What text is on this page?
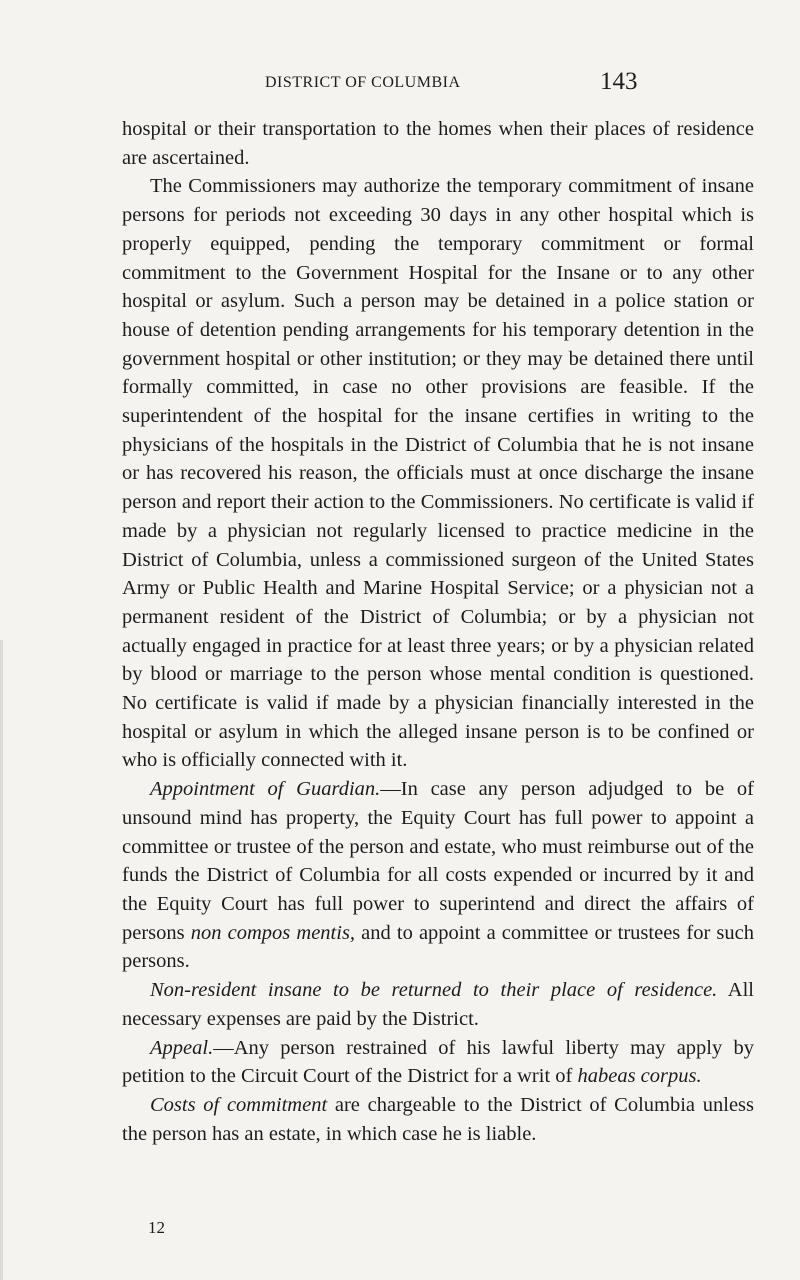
DISTRICT OF COLUMBIA	143

hospital or their transportation to the homes when their places of residence are ascertained.

The Commissioners may authorize the temporary commitment of insane persons for periods not exceeding 30 days in any other hospital which is properly equipped, pending the temporary commitment or formal commitment to the Government Hospital for the Insane or to any other hospital or asylum. Such a person may be detained in a police station or house of detention pending arrangements for his temporary detention in the government hospital or other institution; or they may be detained there until formally committed, in case no other provisions are feasible. If the superintendent of the hospital for the insane certifies in writing to the physicians of the hospitals in the District of Columbia that he is not insane or has recovered his reason, the officials must at once discharge the insane person and report their action to the Commissioners. No certificate is valid if made by a physician not regularly licensed to practice medicine in the District of Columbia, unless a commissioned surgeon of the United States Army or Public Health and Marine Hospital Service; or a physician not a permanent resident of the District of Columbia; or by a physician not actually engaged in practice for at least three years; or by a physician related by blood or marriage to the person whose mental condition is questioned. No certificate is valid if made by a physician financially interested in the hospital or asylum in which the alleged insane person is to be confined or who is officially connected with it.

Appointment of Guardian.—In case any person adjudged to be of unsound mind has property, the Equity Court has full power to appoint a committee or trustee of the person and estate, who must reimburse out of the funds the District of Columbia for all costs expended or incurred by it and the Equity Court has full power to superintend and direct the affairs of persons non compos mentis, and to appoint a committee or trustees for such persons.

Non-resident insane to be returned to their place of residence. All necessary expenses are paid by the District.

Appeal.—Any person restrained of his lawful liberty may apply by petition to the Circuit Court of the District for a writ of habeas corpus.

Costs of commitment are chargeable to the District of Columbia unless the person has an estate, in which case he is liable.

12
